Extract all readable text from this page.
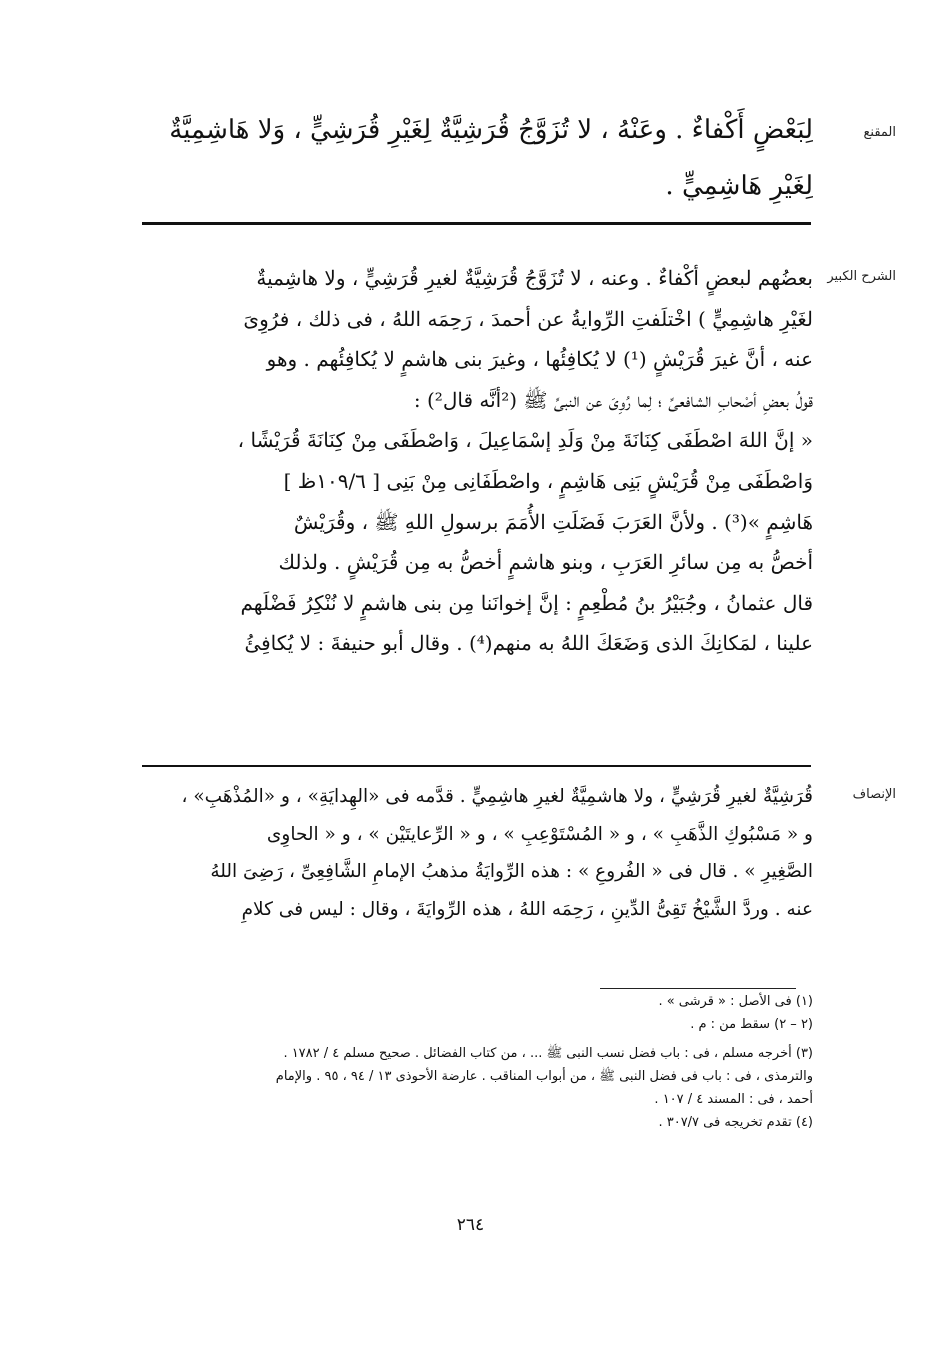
المقنع
لِبَعْضٍ أَكْفاءٌ . وعَنْهُ ، لا تُزَوَّجُ قُرَشِيَّةٌ لِغَيْرِ قُرَشِيٍّ ، وَلا هَاشِمِيَّةٌ
لِغَيْرِ هَاشِمِيٍّ .
الشرح الكبير
بعضُهم لبعضٍ أكْفاءٌ . وعنه ، لا تُزَوَّجُ قُرَشِيَّةٌ لغيرِ قُرَشِيٍّ ، ولا هاشِميةٌ
لغَيْرِ هاشِمِيٍّ ) اخْتلَفتِ الرِّوايةُ عن أحمدَ ، رَحِمَه اللهُ ، فى ذلك ، فرُوِىَ
عنه ، أنَّ غيرَ قُرَيْشٍ (¹) لا يُكافِئُها ، وغيرَ بنى هاشمٍ لا يُكافِئُهم . وهو
قولُ بعضِ أصْحابِ الشافعىِّ ؛ لِما رُوِىَ عن النبىِّ ﷺ (²أنَّه قال²) :
« إنَّ اللهَ اصْطَفَى كِنَانَةَ مِنْ وَلَدِ إسْمَاعِيلَ ، وَاصْطَفَى مِنْ كِنَانَةَ قُرَيْشًا ،
وَاصْطَفَى مِنْ قُرَيْشٍ بَنِى هَاشِمٍ ، واصْطَفَانِى مِنْ بَنِى [ ١٠٩/٦ظ ]
هَاشِمٍ »(³) . ولأنَّ العَرَبَ فَضَلَتِ الأُمَمَ برسولِ اللهِ ﷺ ، وقُرَيْشٌ
أخصُّ به مِن سائرِ العَرَبِ ، وبنو هاشمٍ أخصُّ به مِن قُرَيْشٍ . ولذلك
قال عثمانُ ، وجُبَيْرُ بنُ مُطْعِمٍ : إنَّ إخوانَنا مِن بنى هاشمٍ لا نُنْكِرُ فَضْلَهم
علينا ، لمَكانِكَ الذى وَضَعَكَ اللهُ به منهم(⁴) . وقال أبو حنيفةَ : لا يُكافِئُ
الإنصاف
قُرَشِيَّةٌ لغيرِ قُرَشِيٍّ ، ولا هاشمِيَّةٌ لغيرِ هاشِمِيٍّ . قدَّمه فى «الهِدايَةِ» ، و «المُذْهَبِ» ،
و « مَسْبُوكِ الذَّهَبِ » ، و « المُسْتَوْعِبِ » ، و « الرِّعايتَيْن » ، و « الحاوِى
الصَّغِيرِ » . قال فى « الفُروعِ » : هذه الرِّوايَةُ مذهبُ الإمامِ الشَّافِعِىِّ ، رَضِىَ اللهُ
عنه . وردَّ الشَّيْخُ تَقِىُّ الدِّينِ ، رَحِمَه اللهُ ، هذه الرِّوايَةَ ، وقال : ليس فى كلامِ
(١) فى الأصل : « قرشى » .
(٢ – ٢) سقط من : م .
(٣) أخرجه مسلم ، فى : باب فضل نسب النبى ﷺ ... ، من كتاب الفضائل . صحيح مسلم ٤ / ١٧٨٢ .
والترمذى ، فى : باب فى فضل النبى ﷺ ، من أبواب المناقب . عارضة الأحوذى ١٣ / ٩٤ ، ٩٥ . والإمام
أحمد ، فى : المسند ٤ / ١٠٧ .
(٤) تقدم تخريجه فى ٣٠٧/٧ .
٢٦٤
